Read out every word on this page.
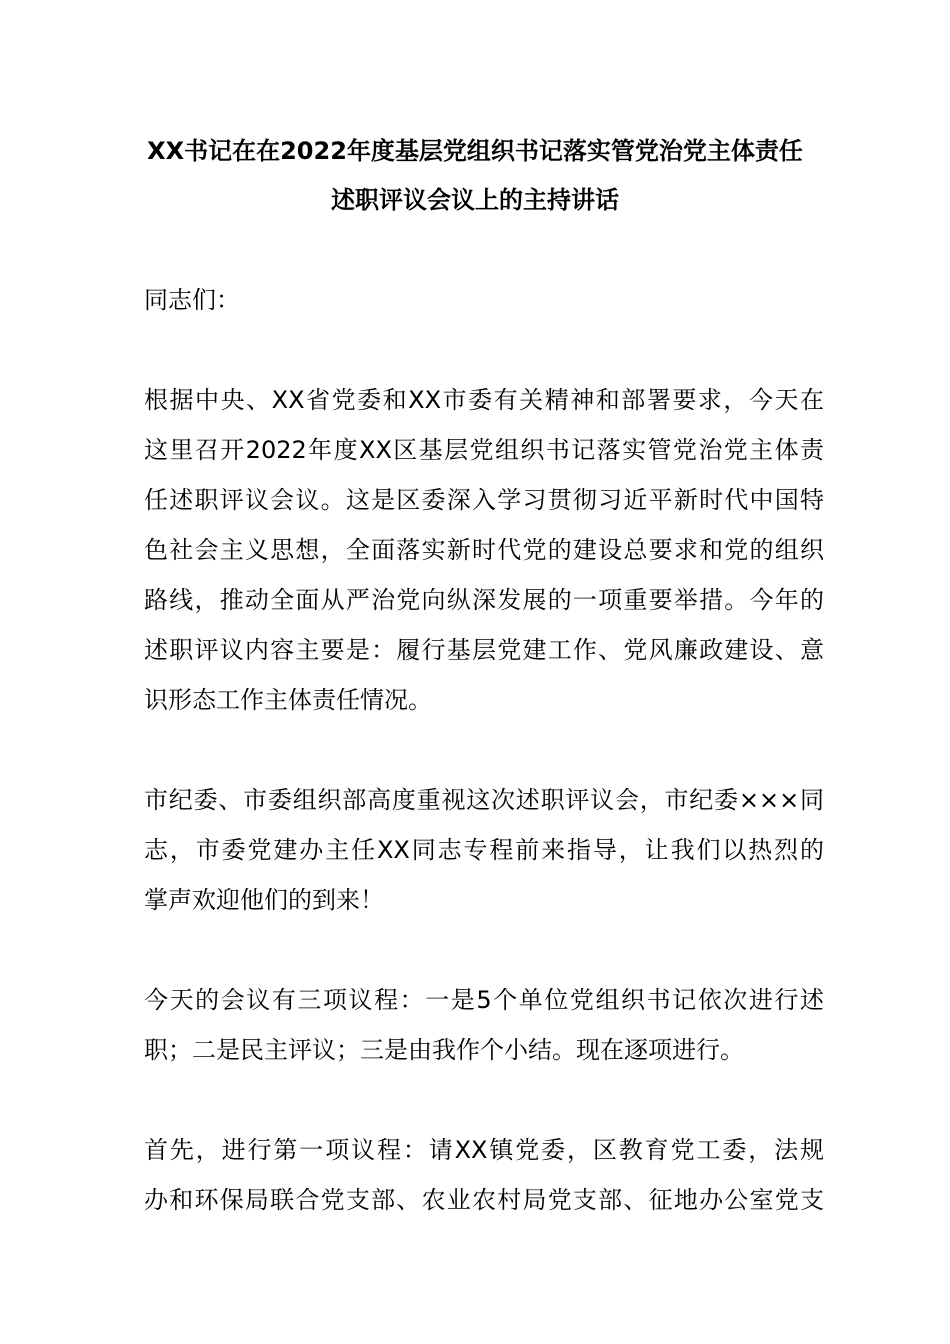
XX书记在在2022年度基层党组织书记落实管党治党主体责任
述职评议会议上的主持讲话
同志们：
根据中央、XX省党委和XX市委有关精神和部署要求，今天在
这里召开2022年度XX区基层党组织书记落实管党治党主体责
任述职评议会议。这是区委深入学习贯彻习近平新时代中国特
色社会主义思想，全面落实新时代党的建设总要求和党的组织
路线，推动全面从严治党向纵深发展的一项重要举措。今年的
述职评议内容主要是：履行基层党建工作、党风廉政建设、意
识形态工作主体责任情况。
市纪委、市委组织部高度重视这次述职评议会，市纪委×××同
志，市委党建办主任XX同志专程前来指导，让我们以热烈的
掌声欢迎他们的到来！
今天的会议有三项议程：一是5个单位党组织书记依次进行述
职；二是民主评议；三是由我作个小结。现在逐项进行。
首先，进行第一项议程：请XX镇党委，区教育党工委，法规
办和环保局联合党支部、农业农村局党支部、征地办公室党支
